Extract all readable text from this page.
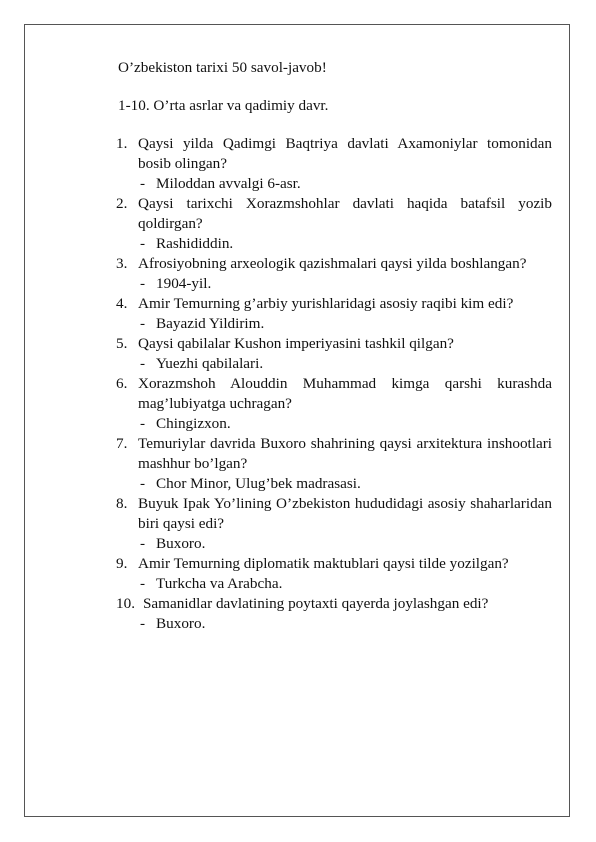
O’zbekiston tarixi 50 savol-javob!

1-10. O’rta asrlar va qadimiy davr.

1. Qaysi yilda Qadimgi Baqtriya davlati Axamoniylar tomonidan bosib olingan?
- Miloddan avvalgi 6-asr.
2. Qaysi tarixchi Xorazmshohlar davlati haqida batafsil yozib qoldirgan?
- Rashididdin.
3. Afrosiyobning arxeologik qazishmalari qaysi yilda boshlangan?
- 1904-yil.
4. Amir Temurning g’arbiy yurishlaridagi asosiy raqibi kim edi?
- Bayazid Yildirim.
5. Qaysi qabilalar Kushon imperiyasini tashkil qilgan?
- Yuezhi qabilalari.
6. Xorazmshoh Alouddin Muhammad kimga qarshi kurashda mag’lubiyatga uchragan?
- Chingizxon.
7. Temuriylar davrida Buxoro shahrining qaysi arxitektura inshootlari mashhur bo’lgan?
- Chor Minor, Ulug’bek madrasasi.
8. Buyuk Ipak Yo’lining O’zbekiston hududidagi asosiy shaharlaridan biri qaysi edi?
- Buxoro.
9. Amir Temurning diplomatik maktublari qaysi tilde yozilgan?
- Turkcha va Arabcha.
10. Samanidlar davlatining poytaxti qayerda joylashgan edi?
- Buxoro.
